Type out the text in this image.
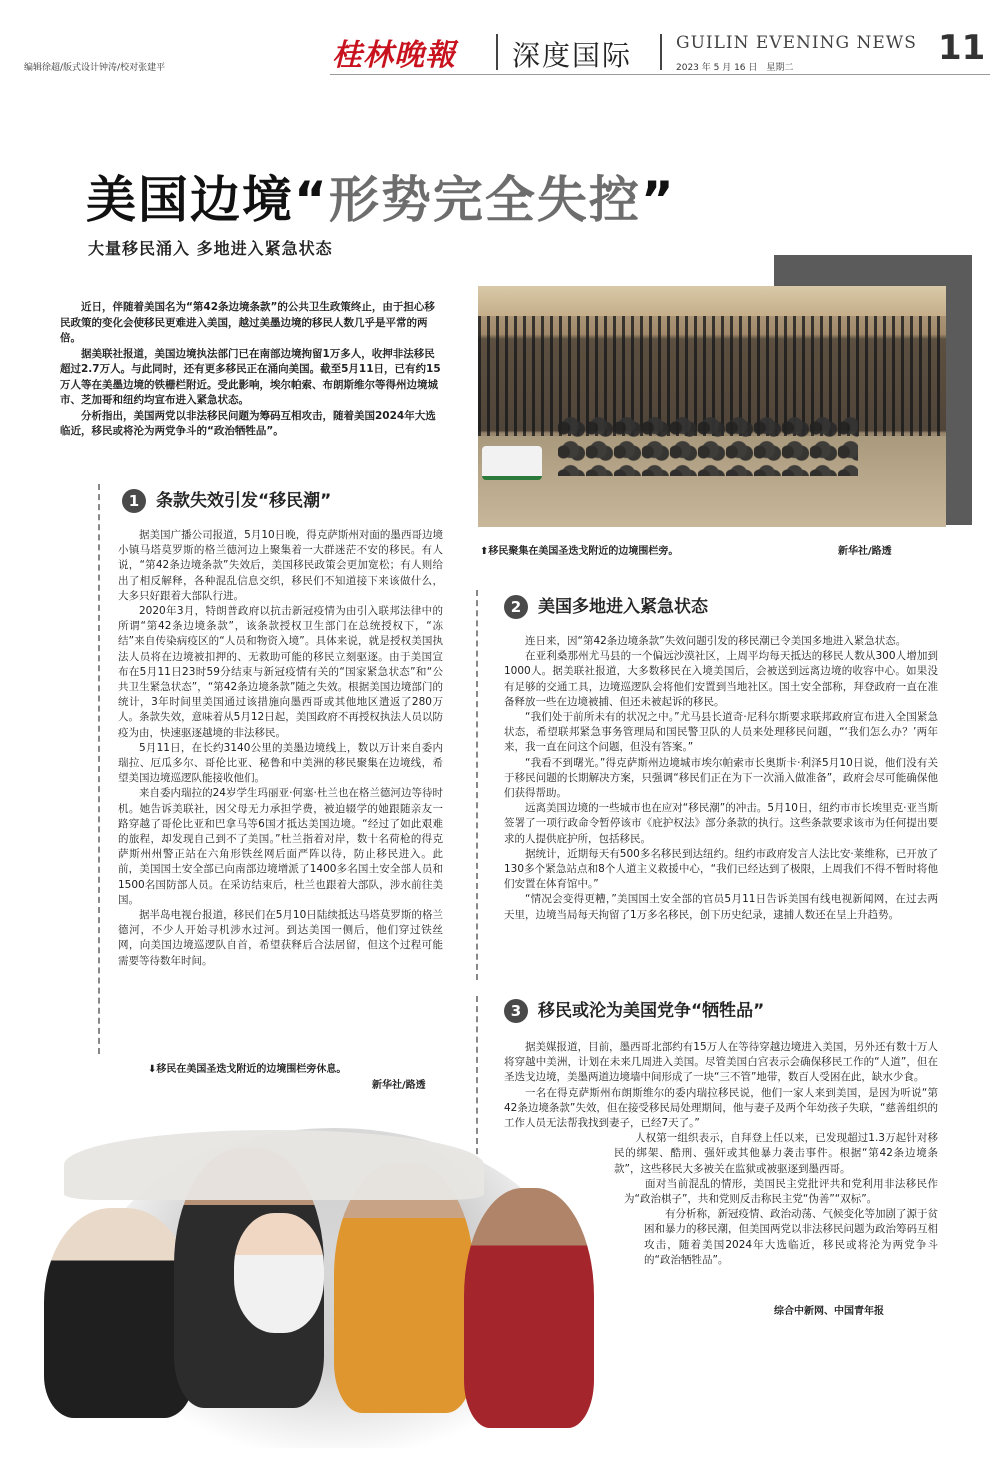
编辑徐超/版式设计钟涛/校对张建平	桂林晚報 深度国际	GUILIN EVENING NEWS
2023 年 5 月 16 日　星期二	11
美国边境“形势完全失控”
大量移民涌入 多地进入紧急状态

近日，伴随着美国名为“第42条边境条款”的公共卫生政策终止，由于担心移民政策的变化会使移民更难进入美国，越过美墨边境的移民人数几乎是平常的两倍。

据美联社报道，美国边境执法部门已在南部边境拘留1万多人，收押非法移民超过2.7万人。与此同时，还有更多移民正在涌向美国。截至5月11日，已有约15万人等在美墨边境的铁栅栏附近。受此影响，埃尔帕索、布朗斯维尔等得州边境城市、芝加哥和纽约均宣布进入紧急状态。

分析指出，美国两党以非法移民问题为筹码互相攻击，随着美国2024年大选临近，移民或将沦为两党争斗的“政治牺牲品”。

⬆移民聚集在美国圣迭戈附近的边境围栏旁。	新华社/路透
1 条款失效引发“移民潮”

据美国广播公司报道，5月10日晚，得克萨斯州对面的墨西哥边境小镇马塔莫罗斯的格兰德河边上聚集着一大群迷茫不安的移民。有人说，“第42条边境条款”失效后，美国移民政策会更加宽松；有人则给出了相反解释，各种混乱信息交织，移民们不知道接下来该做什么，大多只好跟着大部队行进。

2020年3月，特朗普政府以抗击新冠疫情为由引入联邦法律中的所谓“第42条边境条款”，该条款授权卫生部门在总统授权下，“冻结”来自传染病疫区的“人员和物资入境”。具体来说，就是授权美国执法人员将在边境被扣押的、无救助可能的移民立刻驱逐。由于美国宣布在5月11日23时59分结束与新冠疫情有关的“国家紧急状态”和“公共卫生紧急状态”，“第42条边境条款”随之失效。根据美国边境部门的统计，3年时间里美国通过该措施向墨西哥或其他地区遣返了280万人。条款失效，意味着从5月12日起，美国政府不再授权执法人员以防疫为由，快速驱逐越境的非法移民。

5月11日，在长约3140公里的美墨边境线上，数以万计来自委内瑞拉、厄瓜多尔、哥伦比亚、秘鲁和中美洲的移民聚集在边境线，希望美国边境巡逻队能接收他们。

来自委内瑞拉的24岁学生玛丽亚·何塞·杜兰也在格兰德河边等待时机。她告诉美联社，因父母无力承担学费，被迫辍学的她跟随亲友一路穿越了哥伦比亚和巴拿马等6国才抵达美国边境。“经过了如此艰难的旅程，却发现自己到不了美国。”杜兰指着对岸，数十名荷枪的得克萨斯州州警正站在六角形铁丝网后面严阵以待，防止移民进入。此前，美国国土安全部已向南部边境增派了1400多名国土安全部人员和1500名国防部人员。在采访结束后，杜兰也跟着大部队，涉水前往美国。

据半岛电视台报道，移民们在5月10日陆续抵达马塔莫罗斯的格兰德河，不少人开始寻机涉水过河。到达美国一侧后，他们穿过铁丝网，向美国边境巡逻队自首，希望获释后合法居留，但这个过程可能需要等待数年时间。

⬇移民在美国圣迭戈附近的边境围栏旁休息。
新华社/路透
2 美国多地进入紧急状态

连日来，因“第42条边境条款”失效问题引发的移民潮已令美国多地进入紧急状态。

在亚利桑那州尤马县的一个偏远沙漠社区，上周平均每天抵达的移民人数从300人增加到1000人。据美联社报道，大多数移民在入境美国后，会被送到远离边境的收容中心。如果没有足够的交通工具，边境巡逻队会将他们安置到当地社区。国土安全部称，拜登政府一直在准备释放一些在边境被捕、但还未被起诉的移民。

“我们处于前所未有的状况之中。”尤马县长道奇·尼科尔斯要求联邦政府宣布进入全国紧急状态，希望联邦紧急事务管理局和国民警卫队的人员来处理移民问题，“‘我们怎么办？’两年来，我一直在问这个问题，但没有答案。”

“我看不到曙光。”得克萨斯州边境城市埃尔帕索市长奥斯卡·利泽5月10日说，他们没有关于移民问题的长期解决方案，只强调“移民们正在为下一次涌入做准备”，政府会尽可能确保他们获得帮助。

远离美国边境的一些城市也在应对“移民潮”的冲击。5月10日，纽约市市长埃里克·亚当斯签署了一项行政命令暂停该市《庇护权法》部分条款的执行。这些条款要求该市为任何提出要求的人提供庇护所，包括移民。

据统计，近期每天有500多名移民到达纽约。纽约市政府发言人法比安·莱维称，已开放了130多个紧急站点和8个人道主义救援中心，“我们已经达到了极限，上周我们不得不暂时将他们安置在体育馆中。”

“情况会变得更糟，”美国国土安全部的官员5月11日告诉美国有线电视新闻网，在过去两天里，边境当局每天拘留了1万多名移民，创下历史纪录，逮捕人数还在呈上升趋势。

3 移民或沦为美国党争“牺牲品”

据美媒报道，目前，墨西哥北部约有15万人在等待穿越边境进入美国，另外还有数十万人将穿越中美洲，计划在未来几周进入美国。尽管美国白宫表示会确保移民工作的“人道”，但在圣迭戈边境，美墨两道边境墙中间形成了一块“三不管”地带，数百人受困在此，缺水少食。

一名在得克萨斯州布朗斯维尔的委内瑞拉移民说，他们一家人来到美国，是因为听说“第42条边境条款”失效，但在接受移民局处理期间，他与妻子及两个年幼孩子失联，“慈善组织的工作人员无法帮我找到妻子，已经7天了。”

人权第一组织表示，自拜登上任以来，已发现超过1.3万起针对移民的绑架、酷刑、强奸或其他暴力袭击事件。根据“第42条边境条款”，这些移民大多被关在监狱或被驱逐到墨西哥。

面对当前混乱的情形，美国民主党批评共和党利用非法移民作为“政治棋子”，共和党则反击称民主党“伪善”“双标”。

有分析称，新冠疫情、政治动荡、气候变化等加剧了源于贫困和暴力的移民潮，但美国两党以非法移民问题为政治筹码互相攻击，随着美国2024年大选临近，移民或将沦为两党争斗的“政治牺牲品”。

综合中新网、中国青年报
